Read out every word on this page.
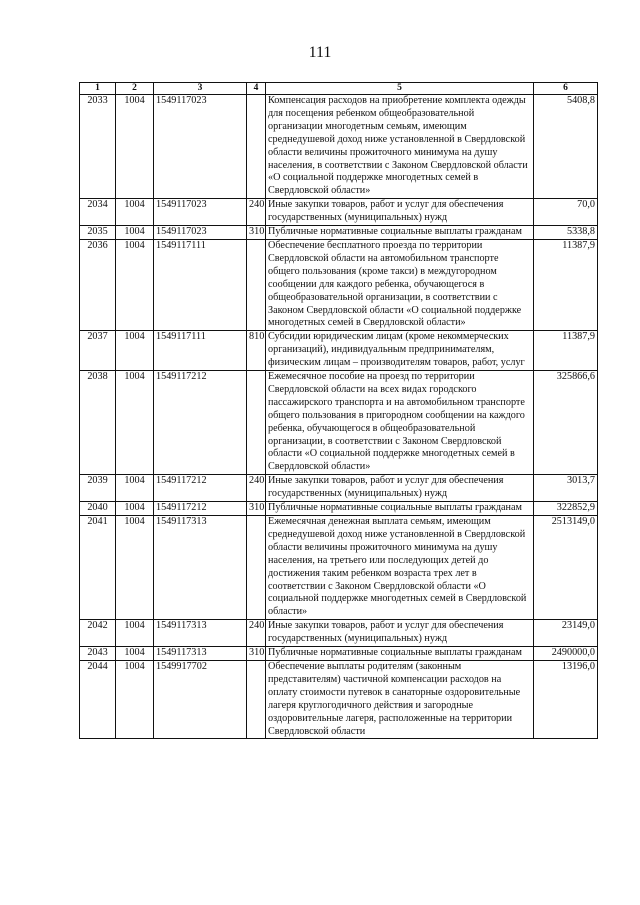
111
1	2	3	4	5	6
2033	1004	1549117023		Компенсация расходов на приобретение комплекта одежды для посещения ребенком общеобразовательной организации многодетным семьям, имеющим среднедушевой доход ниже установленной в Свердловской области величины прожиточного минимума на душу населения, в соответствии с Законом Свердловской области «О социальной поддержке многодетных семей в Свердловской области»	5408,8
2034	1004	1549117023	240	Иные закупки товаров, работ и услуг для обеспечения государственных (муниципальных) нужд	70,0
2035	1004	1549117023	310	Публичные нормативные социальные выплаты гражданам	5338,8
2036	1004	1549117111		Обеспечение бесплатного проезда по территории Свердловской области на автомобильном транспорте общего пользования (кроме такси) в междугородном сообщении для каждого ребенка, обучающегося в общеобразовательной организации, в соответствии с Законом Свердловской области «О социальной поддержке многодетных семей в Свердловской области»	11387,9
2037	1004	1549117111	810	Субсидии юридическим лицам (кроме некоммерческих организаций), индивидуальным предпринимателям, физическим лицам – производителям товаров, работ, услуг	11387,9
2038	1004	1549117212		Ежемесячное пособие на проезд по территории Свердловской области на всех видах городского пассажирского транспорта и на автомобильном транспорте общего пользования в пригородном сообщении на каждого ребенка, обучающегося в общеобразовательной организации, в соответствии с Законом Свердловской области «О социальной поддержке многодетных семей в Свердловской области»	325866,6
2039	1004	1549117212	240	Иные закупки товаров, работ и услуг для обеспечения государственных (муниципальных) нужд	3013,7
2040	1004	1549117212	310	Публичные нормативные социальные выплаты гражданам	322852,9
2041	1004	1549117313		Ежемесячная денежная выплата семьям, имеющим среднедушевой доход ниже установленной в Свердловской области величины прожиточного минимума на душу населения, на третьего или последующих детей до достижения таким ребенком возраста трех лет в соответствии с Законом Свердловской области «О социальной поддержке многодетных семей в Свердловской области»	2513149,0
2042	1004	1549117313	240	Иные закупки товаров, работ и услуг для обеспечения государственных (муниципальных) нужд	23149,0
2043	1004	1549117313	310	Публичные нормативные социальные выплаты гражданам	2490000,0
2044	1004	1549917702		Обеспечение выплаты родителям (законным представителям) частичной компенсации расходов на оплату стоимости путевок в санаторные оздоровительные лагеря круглогодичного действия и загородные оздоровительные лагеря, расположенные на территории Свердловской области	13196,0
